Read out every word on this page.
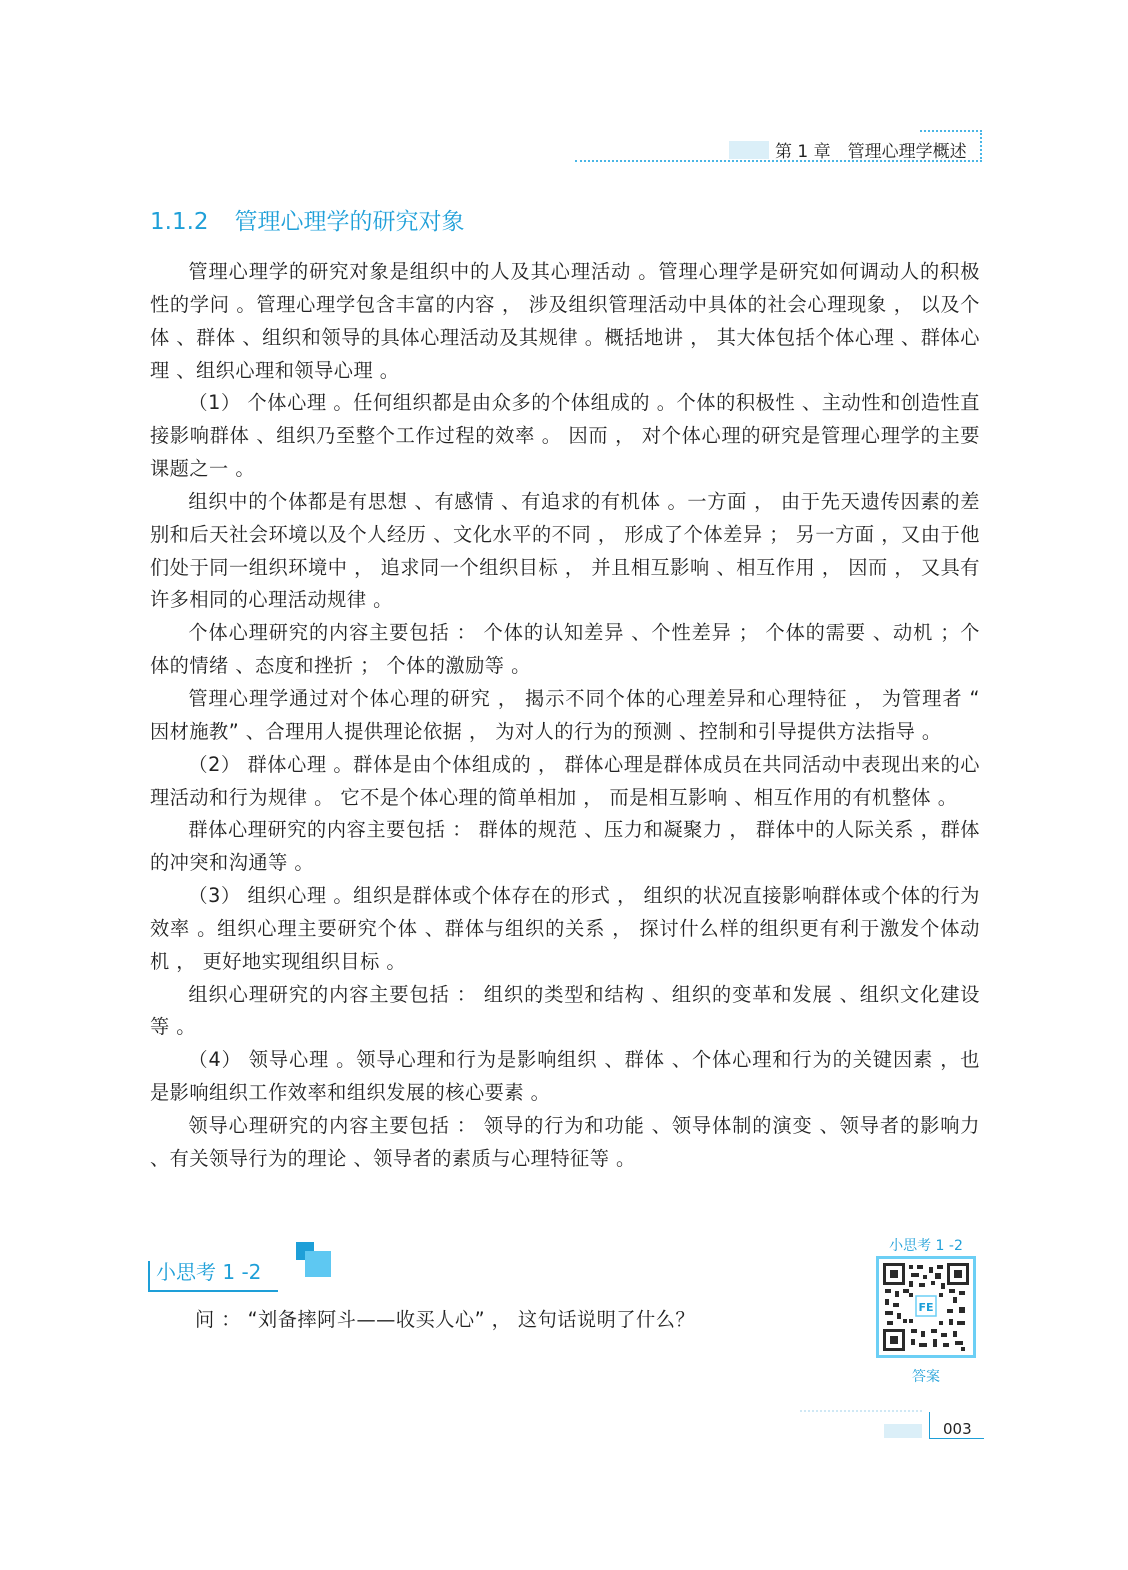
第 1 章　管理心理学概述
1.1.2 管理心理学的研究对象

管理心理学的研究对象是组织中的人及其心理活动 。管理心理学是研究如何调动人的积极性的学问 。管理心理学包含丰富的内容 ， 涉及组织管理活动中具体的社会心理现象 ， 以及个体 、群体 、组织和领导的具体心理活动及其规律 。概括地讲 ， 其大体包括个体心理 、群体心理 、组织心理和领导心理 。

（1） 个体心理 。任何组织都是由众多的个体组成的 。个体的积极性 、主动性和创造性直接影响群体 、组织乃至整个工作过程的效率 。 因而 ， 对个体心理的研究是管理心理学的主要课题之一 。

组织中的个体都是有思想 、有感情 、有追求的有机体 。一方面 ， 由于先天遗传因素的差别和后天社会环境以及个人经历 、文化水平的不同 ， 形成了个体差异 ； 另一方面 ，又由于他们处于同一组织环境中 ， 追求同一个组织目标 ， 并且相互影响 、相互作用 ， 因而 ， 又具有许多相同的心理活动规律 。

个体心理研究的内容主要包括 ： 个体的认知差异 、个性差异 ； 个体的需要 、动机 ；个体的情绪 、态度和挫折 ； 个体的激励等 。

管理心理学通过对个体心理的研究 ， 揭示不同个体的心理差异和心理特征 ， 为管理者 “ 因材施教” 、合理用人提供理论依据 ， 为对人的行为的预测 、控制和引导提供方法指导 。

（2） 群体心理 。群体是由个体组成的 ， 群体心理是群体成员在共同活动中表现出来的心理活动和行为规律 。 它不是个体心理的简单相加 ， 而是相互影响 、相互作用的有机整体 。

群体心理研究的内容主要包括 ： 群体的规范 、压力和凝聚力 ， 群体中的人际关系 ，群体的冲突和沟通等 。

（3） 组织心理 。组织是群体或个体存在的形式 ， 组织的状况直接影响群体或个体的行为效率 。组织心理主要研究个体 、群体与组织的关系 ， 探讨什么样的组织更有利于激发个体动机 ， 更好地实现组织目标 。

组织心理研究的内容主要包括 ： 组织的类型和结构 、组织的变革和发展 、组织文化建设等 。

（4） 领导心理 。领导心理和行为是影响组织 、群体 、个体心理和行为的关键因素 ，也是影响组织工作效率和组织发展的核心要素 。

领导心理研究的内容主要包括 ： 领导的行为和功能 、领导体制的演变 、领导者的影响力 、有关领导行为的理论 、领导者的素质与心理特征等 。

小思考 1 -2
问 ： “刘备摔阿斗——收买人心” ， 这句话说明了什么？
小思考 1 -2
FE
答案
003
